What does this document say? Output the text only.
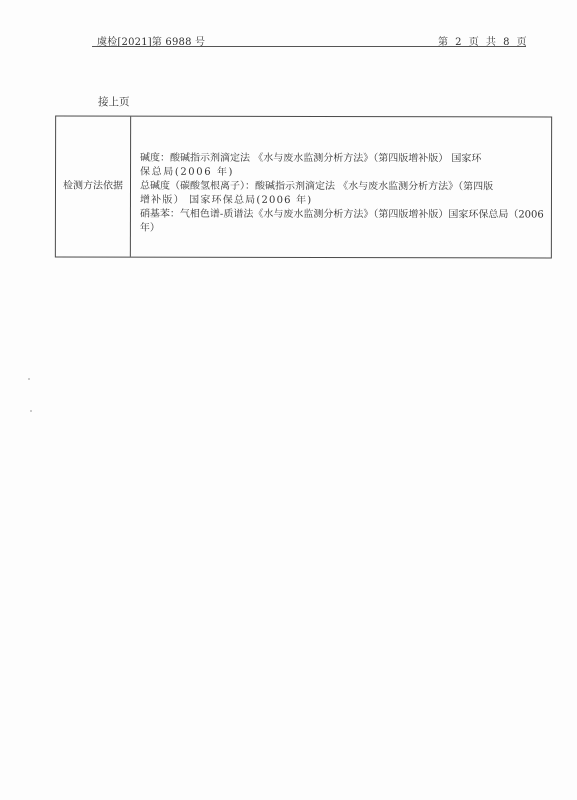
虞检[2021]第 6988 号	第 2 页 共 8 页
接上页
检测方法依据
碱度：酸碱指示剂滴定法 《水与废水监测分析方法》（第四版增补版） 国家环
保总局(2006 年)
总碱度（碳酸氢根离子）：酸碱指示剂滴定法 《水与废水监测分析方法》（第四版
增补版） 国家环保总局(2006 年)
硝基苯：气相色谱-质谱法《水与废水监测分析方法》（第四版增补版）国家环保总局（2006
年）
